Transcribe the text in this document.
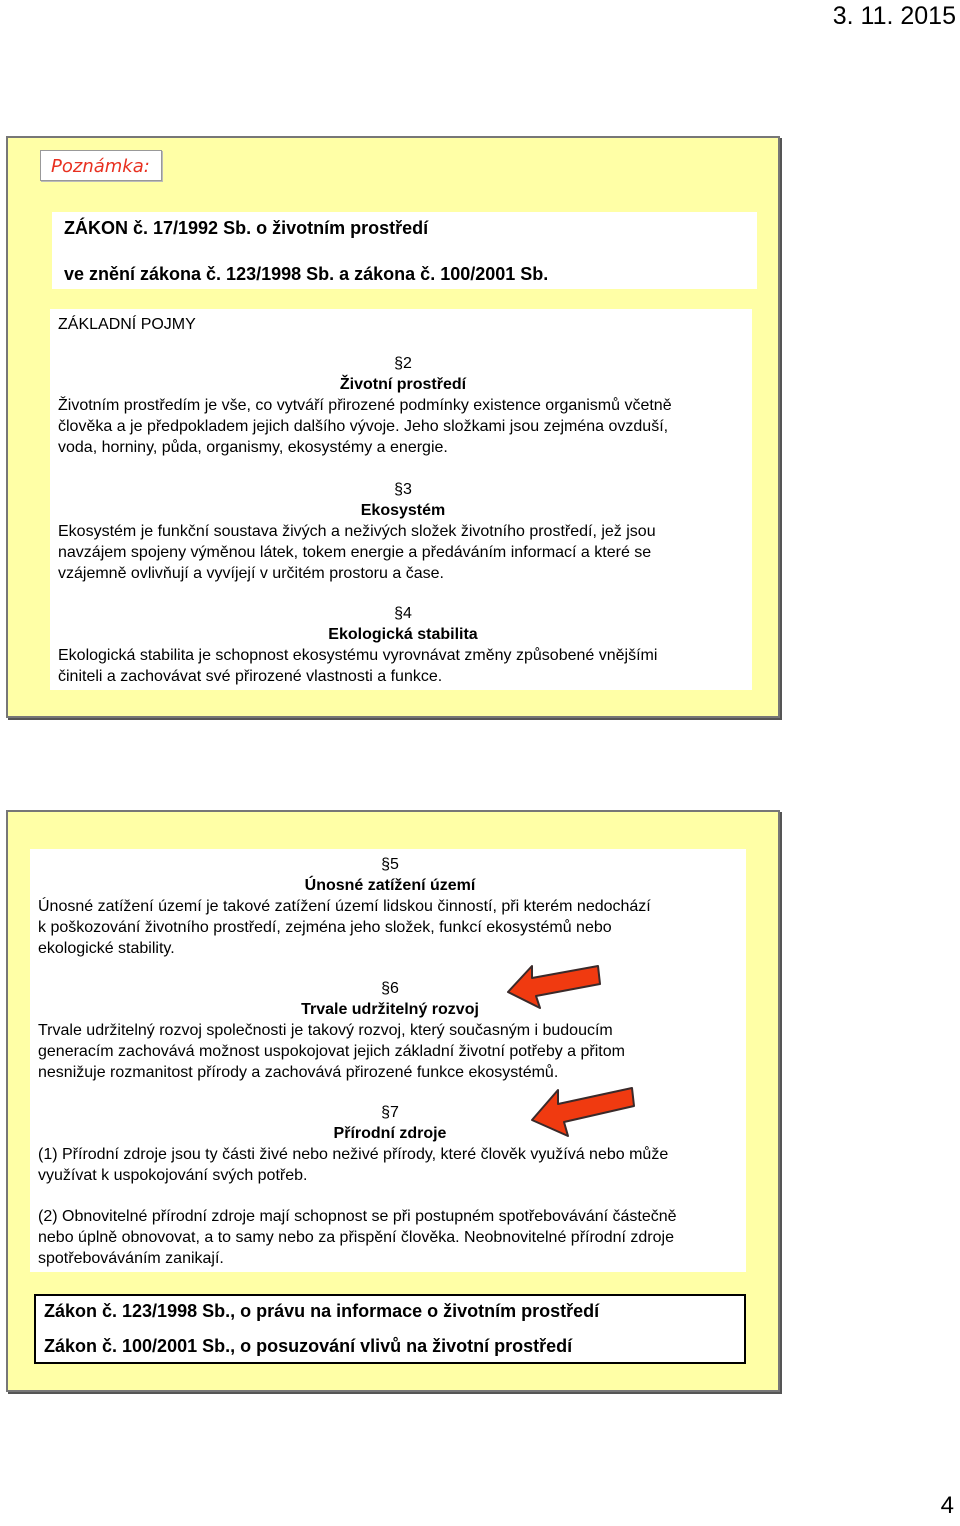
3. 11. 2015
Poznámka:
ZÁKON č. 17/1992 Sb. o životním prostředí
ve znění zákona č. 123/1998 Sb. a zákona č. 100/2001 Sb.
ZÁKLADNÍ POJMY
§2
Životní prostředí
Životním prostředím je vše, co vytváří přirozené podmínky existence organismů včetně
člověka a je předpokladem jejich dalšího vývoje. Jeho složkami jsou zejména ovzduší,
voda, horniny, půda, organismy, ekosystémy a energie.
§3
Ekosystém
Ekosystém je funkční soustava živých a neživých složek životního prostředí, jež jsou
navzájem spojeny výměnou látek, tokem energie a předáváním informací a které se
vzájemně ovlivňují a vyvíjejí v určitém prostoru a čase.
§4
Ekologická stabilita
Ekologická stabilita je schopnost ekosystému vyrovnávat změny způsobené vnějšími
činiteli a zachovávat své přirozené vlastnosti a funkce.
§5
Únosné zatížení území
Únosné zatížení území je takové zatížení území lidskou činností, při kterém nedochází
k poškozování životního prostředí, zejména jeho složek, funkcí ekosystémů nebo
ekologické stability.
§6
Trvale udržitelný rozvoj
Trvale udržitelný rozvoj společnosti je takový rozvoj, který současným i budoucím
generacím zachovává možnost uspokojovat jejich základní životní potřeby a přitom
nesnižuje rozmanitost přírody a zachovává přirozené funkce ekosystémů.
§7
Přírodní zdroje
(1) Přírodní zdroje jsou ty části živé nebo neživé přírody, které člověk využívá nebo může
využívat k uspokojování svých potřeb.
(2) Obnovitelné přírodní zdroje mají schopnost se při postupném spotřebovávání částečně
nebo úplně obnovovat, a to samy nebo za přispění člověka. Neobnovitelné přírodní zdroje
spotřebováváním zanikají.
Zákon č. 123/1998 Sb., o právu na informace o životním prostředí
Zákon č. 100/2001 Sb., o posuzování vlivů na životní prostředí
4
